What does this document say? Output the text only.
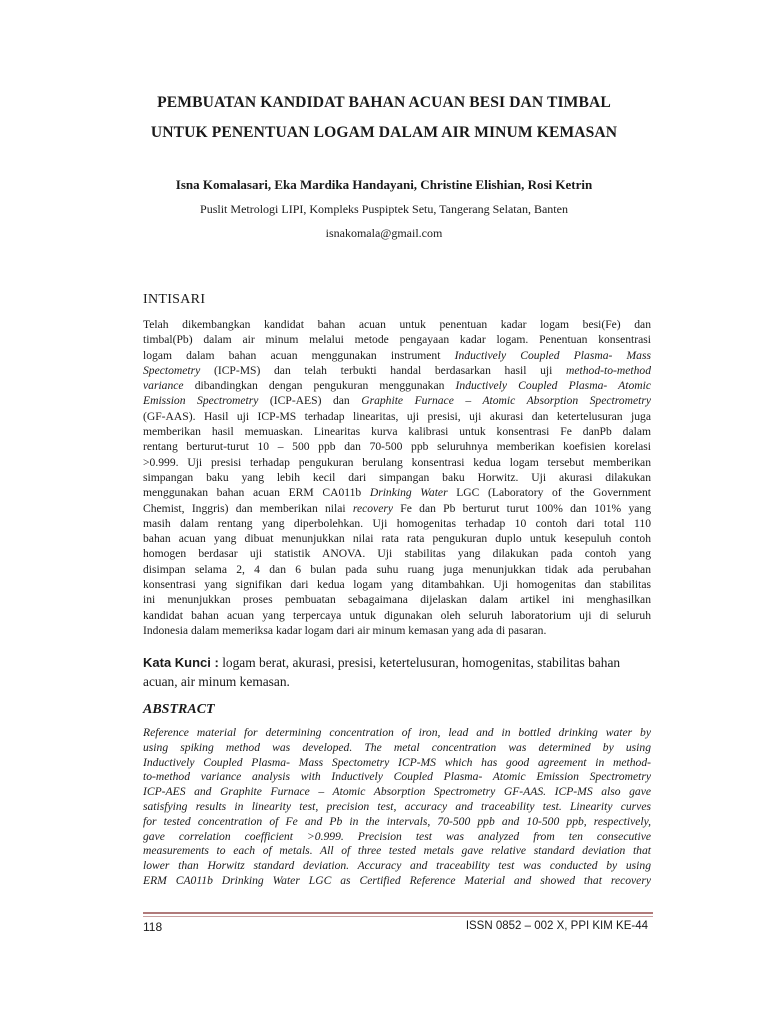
PEMBUATAN KANDIDAT BAHAN ACUAN BESI DAN TIMBAL
UNTUK PENENTUAN LOGAM DALAM AIR MINUM KEMASAN
Isna Komalasari, Eka Mardika Handayani, Christine Elishian, Rosi Ketrin
Puslit Metrologi LIPI, Kompleks Puspiptek Setu, Tangerang Selatan, Banten
isnakomala@gmail.com
INTISARI
Telah dikembangkan kandidat bahan acuan untuk penentuan kadar logam besi(Fe) dan
timbal(Pb) dalam air minum melalui metode pengayaan kadar logam. Penentuan konsentrasi
logam dalam bahan acuan menggunakan instrument Inductively Coupled Plasma- Mass
Spectometry (ICP-MS) dan telah terbukti handal berdasarkan hasil uji method-to-method
variance dibandingkan dengan pengukuran menggunakan Inductively Coupled Plasma- Atomic
Emission Spectrometry (ICP-AES) dan Graphite Furnace – Atomic Absorption Spectrometry
(GF-AAS). Hasil uji ICP-MS terhadap linearitas, uji presisi, uji akurasi dan ketertelusuran juga
memberikan hasil memuaskan. Linearitas kurva kalibrasi untuk konsentrasi Fe danPb dalam
rentang berturut-turut 10 – 500 ppb dan 70-500 ppb seluruhnya memberikan koefisien korelasi
>0.999. Uji presisi terhadap pengukuran berulang konsentrasi kedua logam tersebut memberikan
simpangan baku yang lebih kecil dari simpangan baku Horwitz. Uji akurasi dilakukan
menggunakan bahan acuan ERM CA011b Drinking Water LGC (Laboratory of the Government
Chemist, Inggris) dan memberikan nilai recovery Fe dan Pb berturut turut 100% dan 101% yang
masih dalam rentang yang diperbolehkan. Uji homogenitas terhadap 10 contoh dari total 110
bahan acuan yang dibuat menunjukkan nilai rata rata pengukuran duplo untuk kesepuluh contoh
homogen berdasar uji statistik ANOVA. Uji stabilitas yang dilakukan pada contoh yang
disimpan selama 2, 4 dan 6 bulan pada suhu ruang juga menunjukkan tidak ada perubahan
konsentrasi yang signifikan dari kedua logam yang ditambahkan. Uji homogenitas dan stabilitas
ini menunjukkan proses pembuatan sebagaimana dijelaskan dalam artikel ini menghasilkan
kandidat bahan acuan yang terpercaya untuk digunakan oleh seluruh laboratorium uji di seluruh
Indonesia dalam memeriksa kadar logam dari air minum kemasan yang ada di pasaran.
Kata Kunci : logam berat, akurasi, presisi, ketertelusuran, homogenitas, stabilitas bahan
acuan, air minum kemasan.
ABSTRACT
Reference material for determining concentration of iron, lead and in bottled drinking water by
using spiking method was developed. The metal concentration was determined by using
Inductively Coupled Plasma- Mass Spectometry ICP-MS which has good agreement in method-
to-method variance analysis with Inductively Coupled Plasma- Atomic Emission Spectrometry
ICP-AES and Graphite Furnace – Atomic Absorption Spectrometry GF-AAS. ICP-MS also gave
satisfying results in linearity test, precision test, accuracy and traceability test. Linearity curves
for tested concentration of Fe and Pb in the intervals, 70-500 ppb and 10-500 ppb, respectively,
gave correlation coefficient >0.999. Precision test was analyzed from ten consecutive
measurements to each of metals. All of three tested metals gave relative standard deviation that
lower than Horwitz standard deviation. Accuracy and traceability test was conducted by using
ERM CA011b Drinking Water LGC as Certified Reference Material and showed that recovery
118	ISSN 0852 – 002 X, PPI KIM KE-44
